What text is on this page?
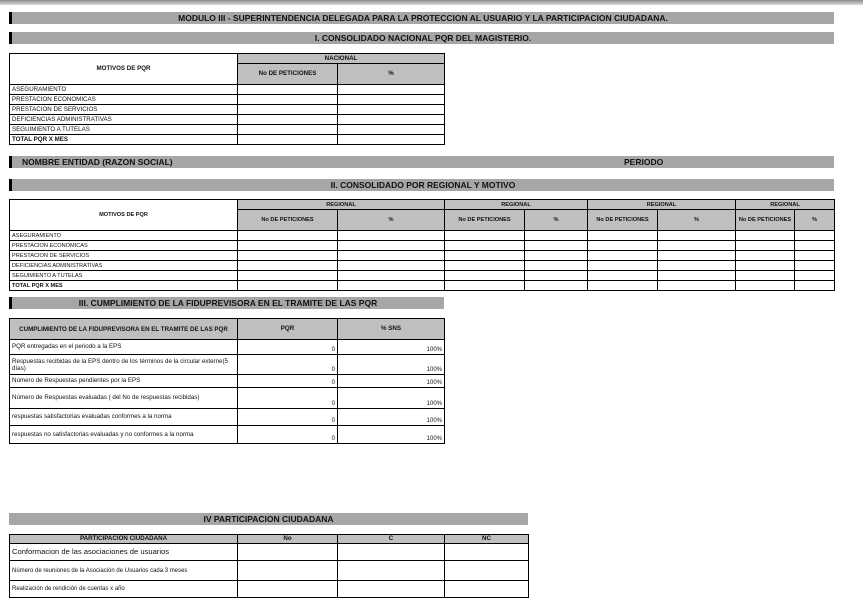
MODULO III - SUPERINTENDENCIA DELEGADA PARA LA PROTECCION AL USUARIO Y LA PARTICIPACION CIUDADANA.
I. CONSOLIDADO NACIONAL PQR DEL MAGISTERIO.
MOTIVOS DE PQR	NACIONAL	
	No DE PETICIONES	%
ASEGURAMIENTO		
PRESTACION ECONOMICAS		
PRESTACION DE SERVICIOS		
DEFICIENCIAS ADMINISTRATIVAS		
SEGUIMIENTO A TUTELAS		
TOTAL PQR X MES		
NOMBRE ENTIDAD (RAZON SOCIAL)	PERIODO
II. CONSOLIDADO POR REGIONAL Y MOTIVO
MOTIVOS DE PQR	REGIONAL		REGIONAL		REGIONAL		REGIONAL	
	No DE PETICIONES	%	No DE PETICIONES	%	No DE PETICIONES	%	No DE PETICIONES	%
ASEGURAMIENTO								
PRESTACION ECONOMICAS								
PRESTACION DE SERVICIOS								
DEFICIENCIAS ADMINISTRATIVAS								
SEGUIMIENTO A TUTELAS								
TOTAL PQR X MES								
III. CUMPLIMIENTO DE LA FIDUPREVISORA EN EL TRAMITE DE LAS PQR
CUMPLIMIENTO DE LA FIDUPREVISORA EN EL TRAMITE DE LAS PQR	PQR	% SNS
PQR entregadas en el periodo a la EPS	0	100%
Respuestas recibidas de la EPS dentro de los términos de la circular externe(5 días)	0	100%
Número de Respuestas pendientes por la EPS	0	100%
Número de Respuestas evaluadas ( del No de respuestas recibidas)	0	100%
respuestas satisfactorias evaluadas conformes a la norma	0	100%
respuestas no satisfactorias evaluadas y no conformes a la norma	0	100%
IV PARTICIPACION CIUDADANA
PARTICIPACION CIUDADANA	No	C	NC
Conformacion de las asociaciones de usuarios			
Número de reuniones de la Asociación de Usuarios cada 3 meses			
Realización de rendición de cuentas x año			
